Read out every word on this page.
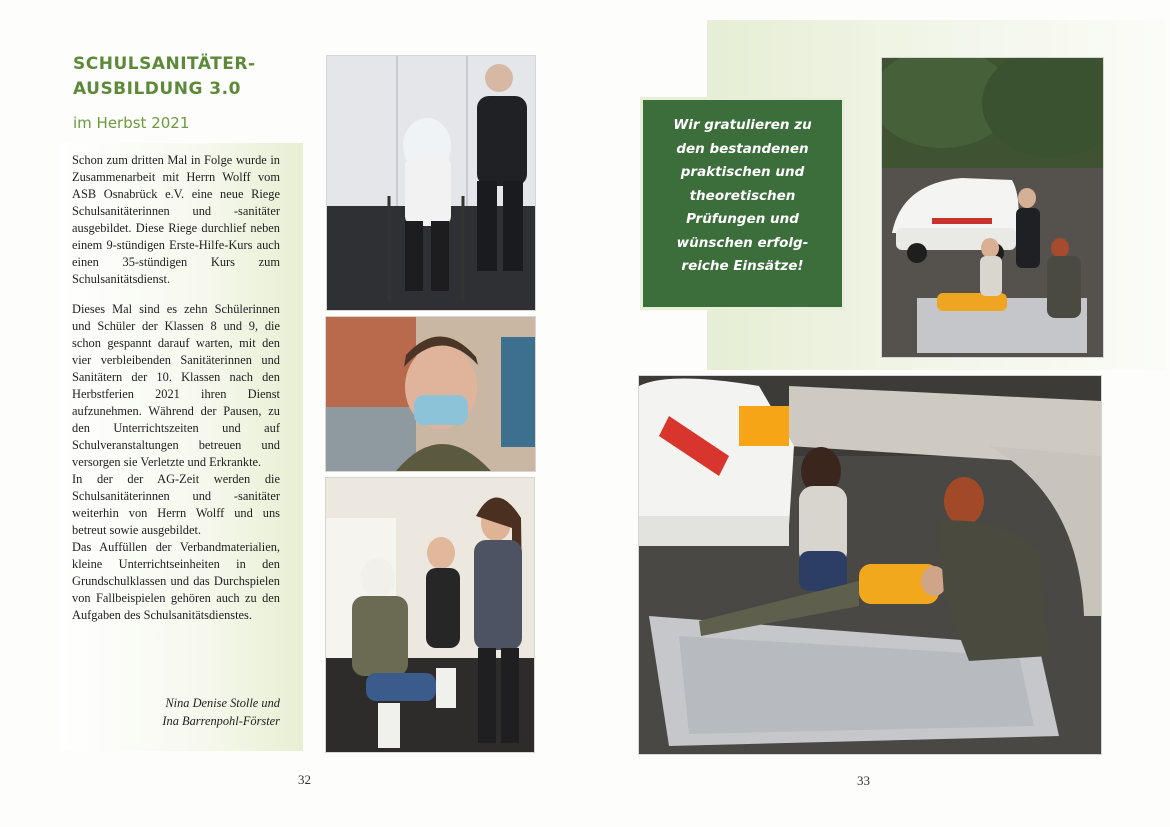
SCHULSANITÄTER-
AUSBILDUNG 3.0
im Herbst 2021

Schon zum dritten Mal in Folge wurde in Zusammenarbeit mit Herrn Wolff vom ASB Osnabrück e.V. eine neue Riege Schulsanitäterinnen und -sanitäter ausgebildet. Diese Riege durchlief neben einem 9-stündigen Erste-Hilfe-Kurs auch einen 35-stündigen Kurs zum Schulsanitätsdienst.

Dieses Mal sind es zehn Schülerinnen und Schüler der Klassen 8 und 9, die schon gespannt darauf warten, mit den vier verbleibenden Sanitäterinnen und Sanitätern der 10. Klassen nach den Herbstferien 2021 ihren Dienst aufzunehmen. Während der Pausen, zu den Unterrichtszeiten und auf Schulveranstaltungen betreuen und versorgen sie Verletzte und Erkrankte.

In der der AG-Zeit werden die Schulsanitäterinnen und -sanitäter weiterhin von Herrn Wolff und uns betreut sowie ausgebildet.

Das Auffüllen der Verbandmaterialien, kleine Unterrichtseinheiten in den Grundschulklassen und das Durchspielen von Fallbeispielen gehören auch zu den Aufgaben des Schulsanitätsdienstes.

Nina Denise Stolle und
Ina Barrenpohl-Förster
32
Wir gratulieren zu
den bestandenen
praktischen und
theoretischen
Prüfungen und
wünschen erfolg-
reiche Einsätze!
33
